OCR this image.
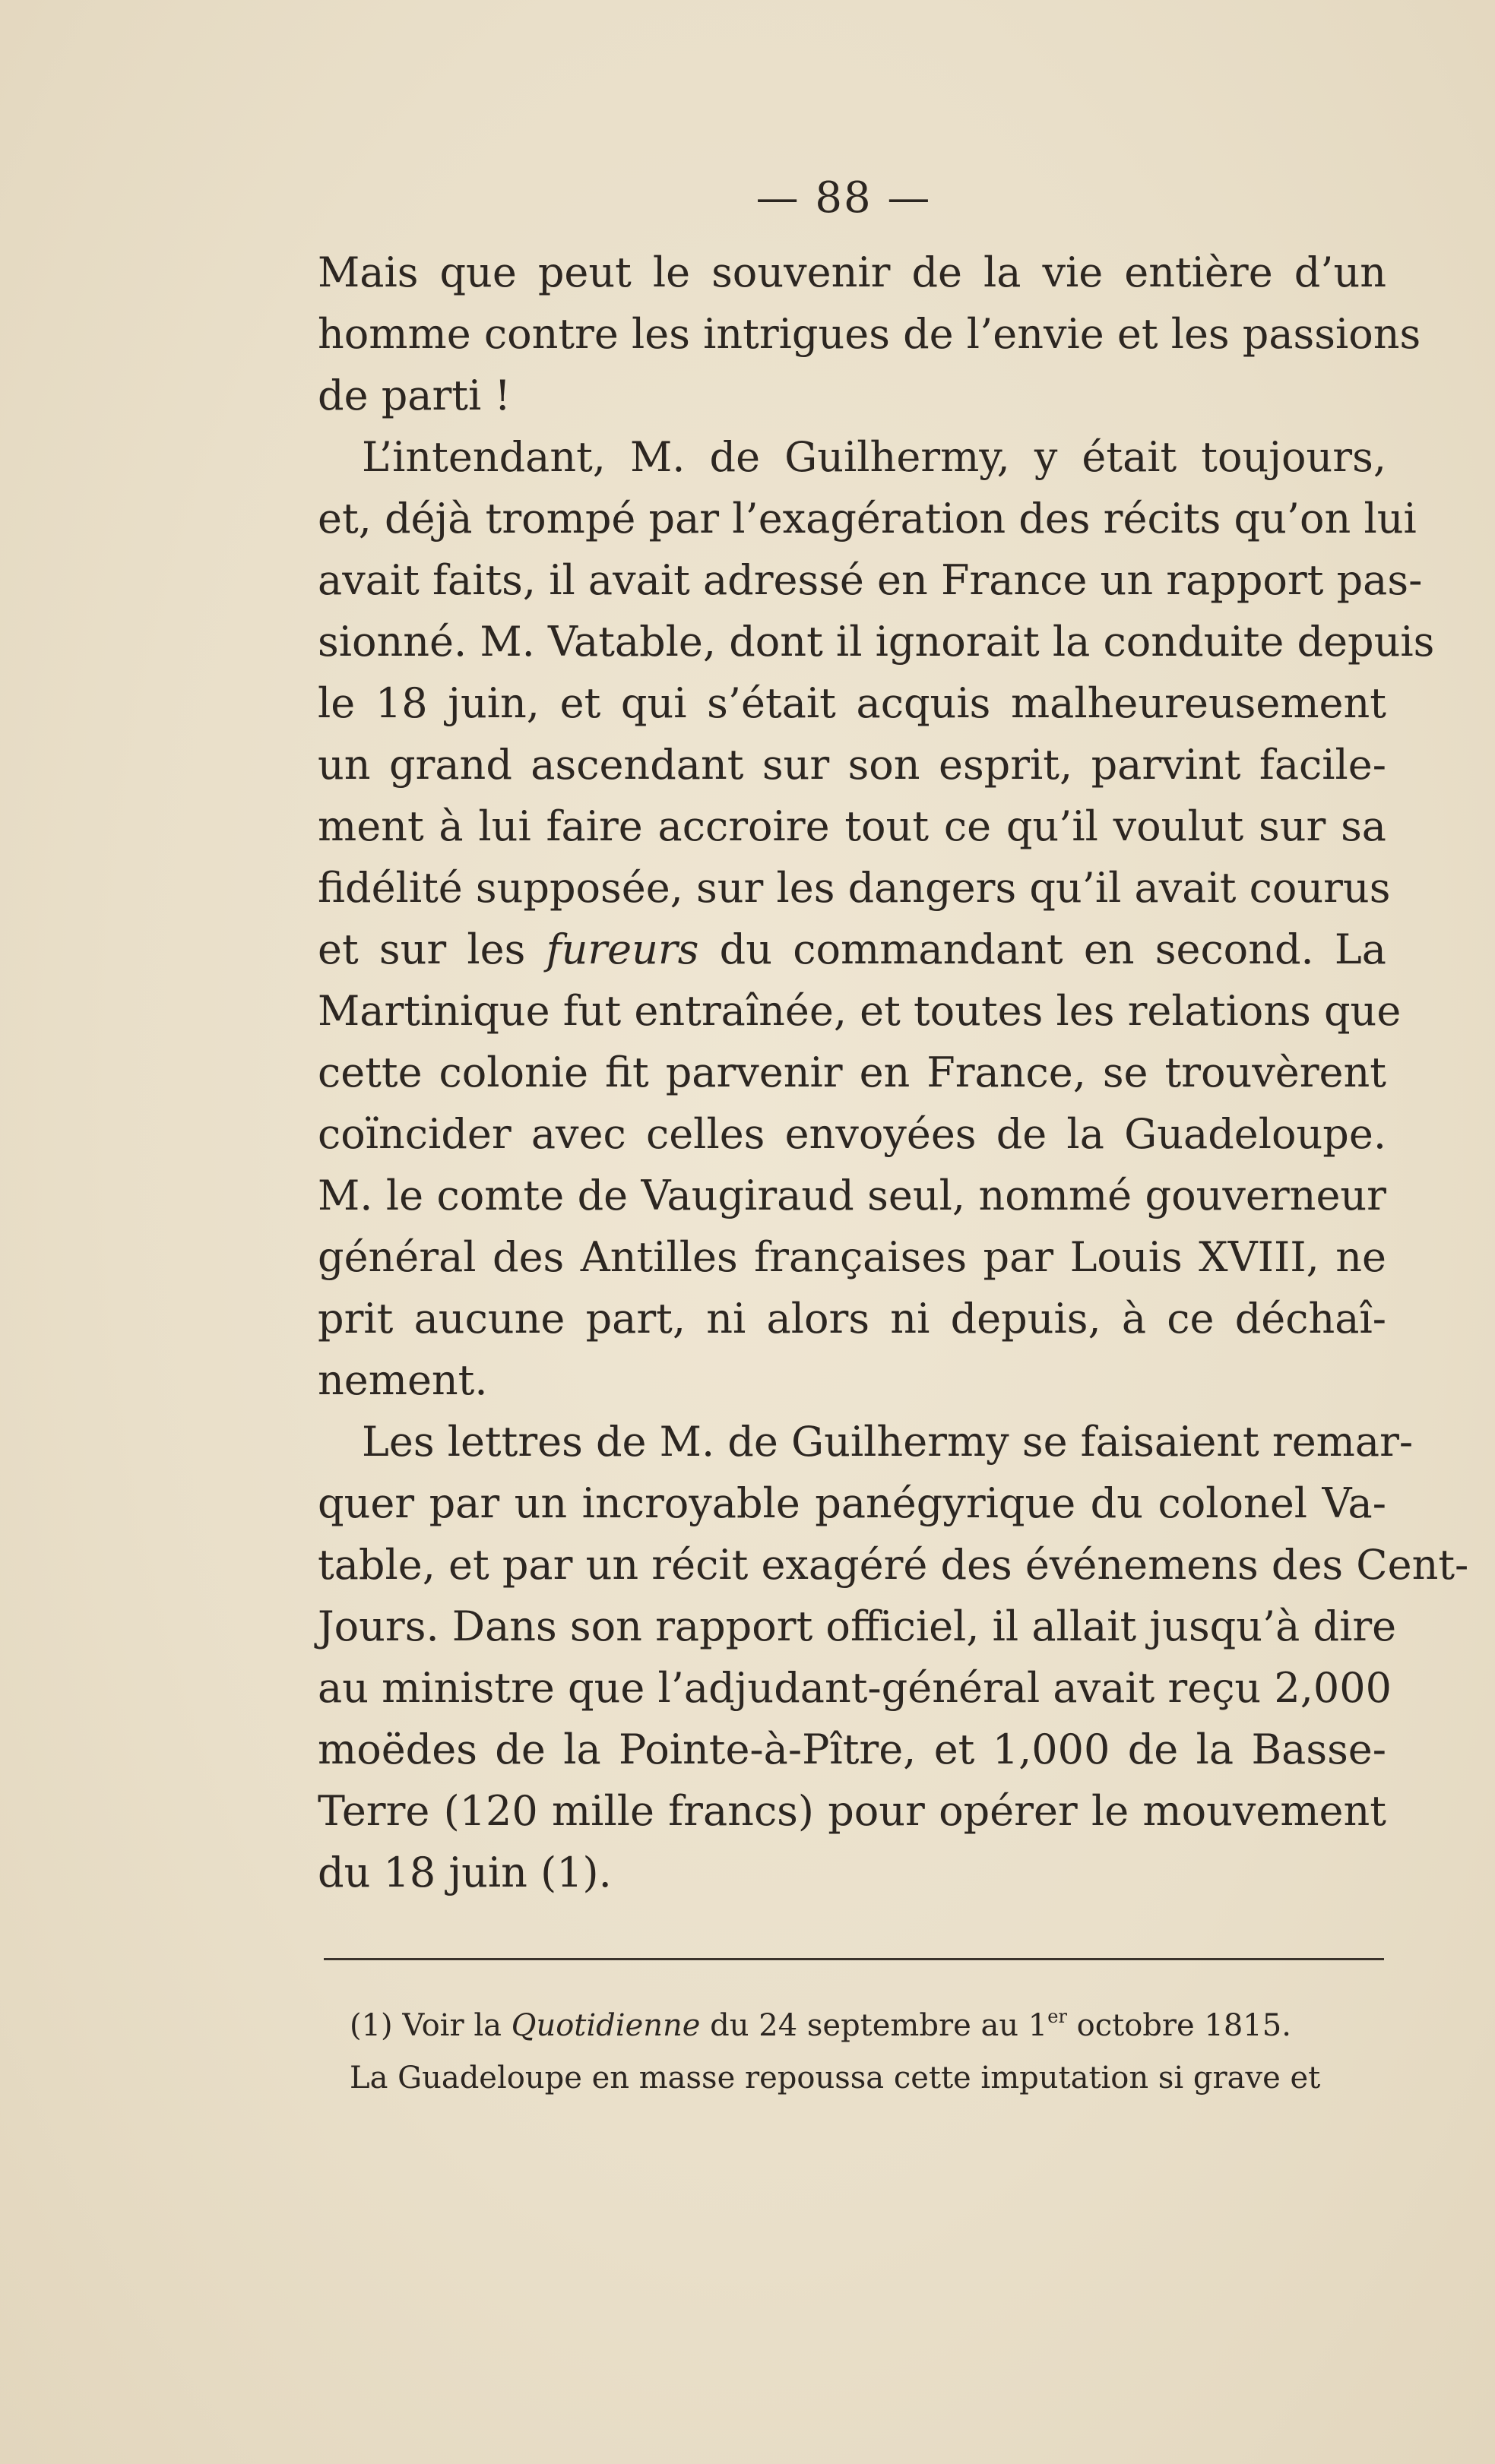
— 88 —
Mais que peut le souvenir de la vie entière d’un
homme contre les intrigues de l’envie et les passions
de parti !
L’intendant, M. de Guilhermy, y était toujours,
et, déjà trompé par l’exagération des récits qu’on lui
avait faits, il avait adressé en France un rapport pas-
sionné. M. Vatable, dont il ignorait la conduite depuis
le 18 juin, et qui s’était acquis malheureusement
un grand ascendant sur son esprit, parvint facile-
ment à lui faire accroire tout ce qu’il voulut sur sa
fidélité supposée, sur les dangers qu’il avait courus
et sur les fureurs du commandant en second. La
Martinique fut entraînée, et toutes les relations que
cette colonie fit parvenir en France, se trouvèrent
coïncider avec celles envoyées de la Guadeloupe.
M. le comte de Vaugiraud seul, nommé gouverneur
général des Antilles françaises par Louis XVIII, ne
prit aucune part, ni alors ni depuis, à ce déchaî-
nement.
Les lettres de M. de Guilhermy se faisaient remar-
quer par un incroyable panégyrique du colonel Va-
table, et par un récit exagéré des événemens des Cent-
Jours. Dans son rapport officiel, il allait jusqu’à dire
au ministre que l’adjudant-général avait reçu 2,000
moëdes de la Pointe-à-Pître, et 1,000 de la Basse-
Terre (120 mille francs) pour opérer le mouvement
du 18 juin (1).
(1) Voir la Quotidienne du 24 septembre au 1er octobre 1815.
La Guadeloupe en masse repoussa cette imputation si grave et
